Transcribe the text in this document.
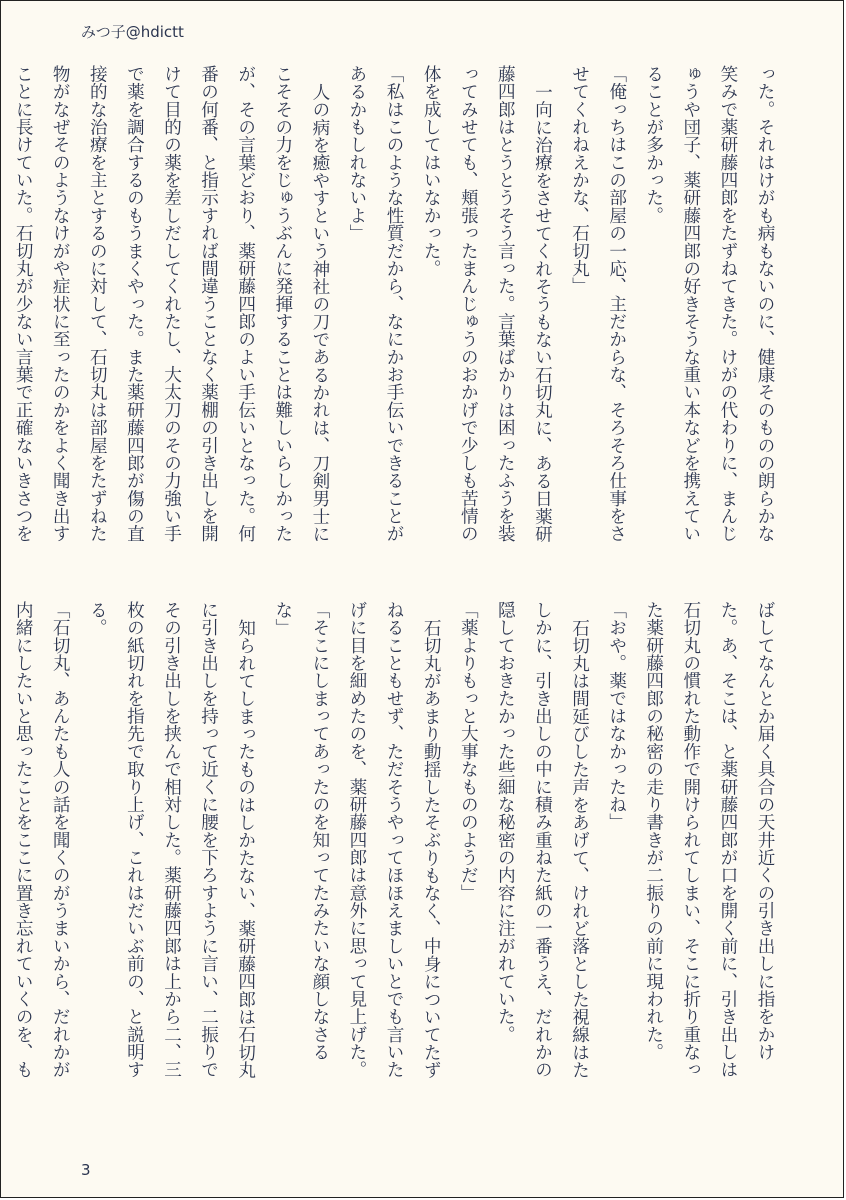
みつ子@hdictt

った。それはけがも病もないのに、健康そのものの朗らかな笑みで薬研藤四郎をたずねてきた。けがの代わりに、まんじゅうや団子、薬研藤四郎の好きそうな重い本などを携えていることが多かった。

「俺っちはこの部屋の一応、主だからな、そろそろ仕事をさせてくれねえかな、石切丸」

一向に治療をさせてくれそうもない石切丸に、ある日薬研藤四郎はとうとうそう言った。言葉ばかりは困ったふうを装ってみせても、頬張ったまんじゅうのおかげで少しも苦情の体を成してはいなかった。

「私はこのような性質だから、なにかお手伝いできることがあるかもしれないよ」

人の病を癒やすという神社の刀であるかれは、刀剣男士にこそその力をじゅうぶんに発揮することは難しいらしかったが、その言葉どおり、薬研藤四郎のよい手伝いとなった。何番の何番、と指示すれば間違うことなく薬棚の引き出しを開けて目的の薬を差しだしてくれたし、大太刀のその力強い手で薬を調合するのもうまくやった。また薬研藤四郎が傷の直接的な治療を主とするのに対して、石切丸は部屋をたずねた物がなぜそのようなけがや症状に至ったのかをよく聞き出すことに長けていた。石切丸が少ない言葉で正確ないきさつを

ばしてなんとか届く具合の天井近くの引き出しに指をかけた。あ、そこは、と薬研藤四郎が口を開く前に、引き出しは石切丸の慣れた動作で開けられてしまい、そこに折り重なった薬研藤四郎の秘密の走り書きが二振りの前に現われた。

「おや。薬ではなかったね」

石切丸は間延びした声をあげて、けれど落とした視線はたしかに、引き出しの中に積み重ねた紙の一番うえ、だれかの隠しておきたかった些細な秘密の内容に注がれていた。

「薬よりもっと大事なもののようだ」

石切丸があまり動揺したそぶりもなく、中身についてたずねることもせず、ただそうやってほほえましいとでも言いたげに目を細めたのを、薬研藤四郎は意外に思って見上げた。

「そこにしまってあったのを知ってたみたいな顔しなさるな」

知られてしまったものはしかたない、薬研藤四郎は石切丸に引き出しを持って近くに腰を下ろすように言い、二振りでその引き出しを挟んで相対した。薬研藤四郎は上から二、三枚の紙切れを指先で取り上げ、これはだいぶ前の、と説明する。

「石切丸、あんたも人の話を聞くのがうまいから、だれかが内緒にしたいと思ったことをここに置き忘れていくのを、も

3
